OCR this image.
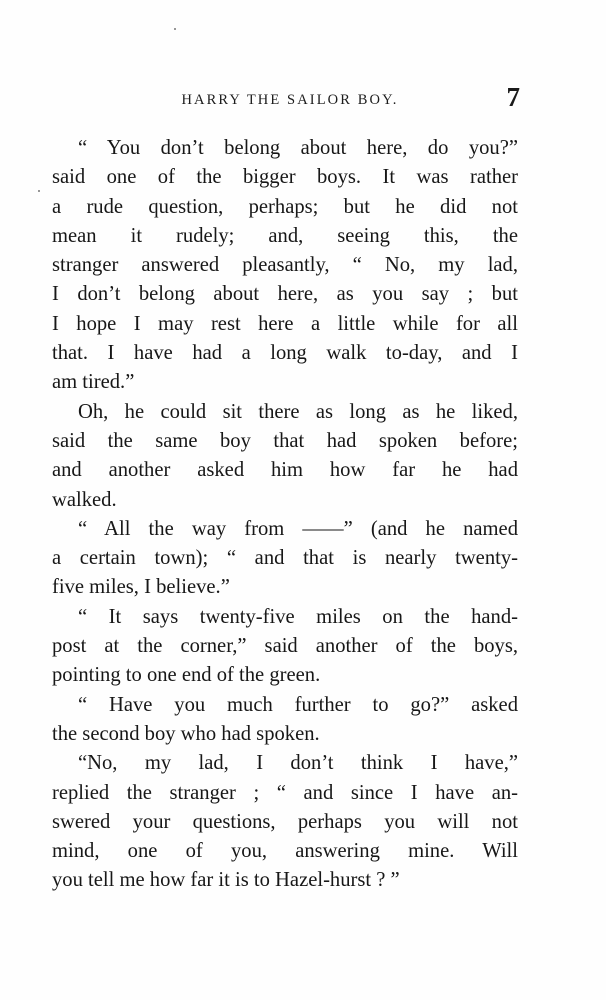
HARRY THE SAILOR BOY.	7
“ You don’t belong about here, do you?”
said one of the bigger boys. It was rather
a rude question, perhaps; but he did not
mean it rudely; and, seeing this, the
stranger answered pleasantly, “ No, my lad,
I don’t belong about here, as you say ; but
I hope I may rest here a little while for all
that. I have had a long walk to-day, and I
am tired.”
Oh, he could sit there as long as he liked,
said the same boy that had spoken before;
and another asked him how far he had
walked.
“ All the way from ——” (and he named
a certain town); “ and that is nearly twenty-
five miles, I believe.”
“ It says twenty-five miles on the hand-
post at the corner,” said another of the boys,
pointing to one end of the green.
“ Have you much further to go?” asked
the second boy who had spoken.
“No, my lad, I don’t think I have,”
replied the stranger ; “ and since I have an-
swered your questions, perhaps you will not
mind, one of you, answering mine. Will
you tell me how far it is to Hazel-hurst ? ”
